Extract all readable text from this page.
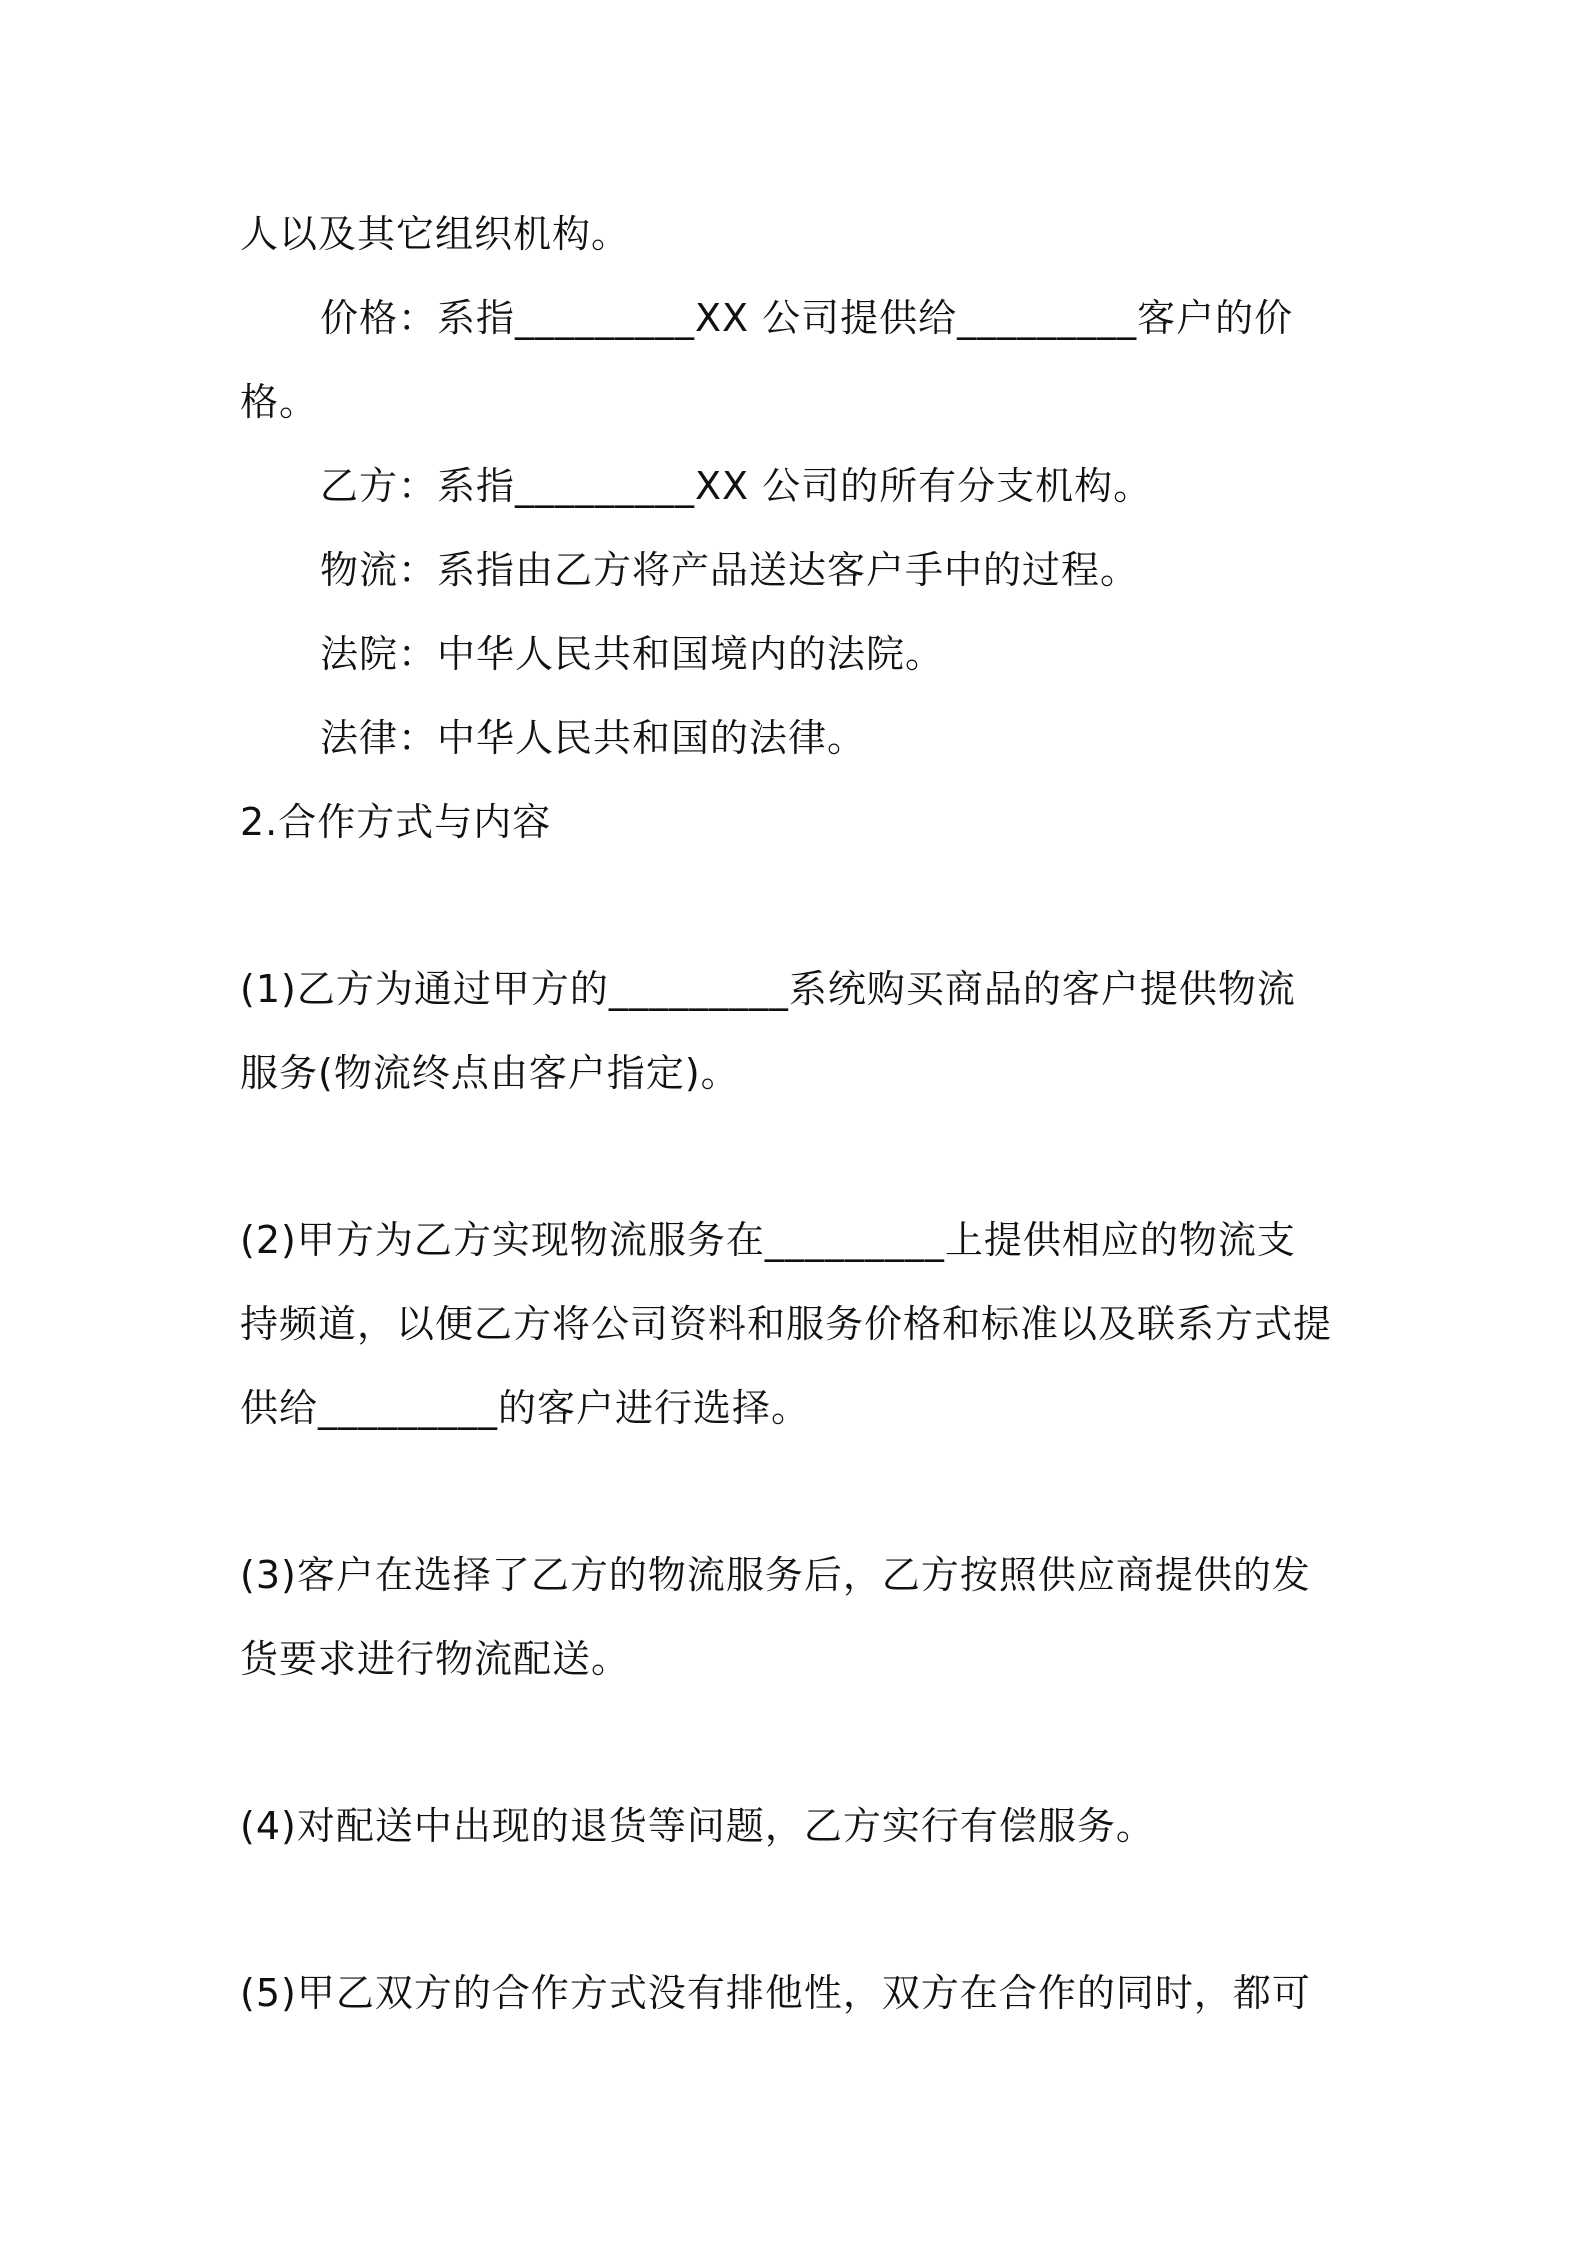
人以及其它组织机构。
价格：系指_________XX 公司提供给_________客户的价
格。
乙方：系指_________XX 公司的所有分支机构。
物流：系指由乙方将产品送达客户手中的过程。
法院：中华人民共和国境内的法院。
法律：中华人民共和国的法律。
2.合作方式与内容
(1)乙方为通过甲方的_________系统购买商品的客户提供物流
服务(物流终点由客户指定)。
(2)甲方为乙方实现物流服务在_________上提供相应的物流支
持频道，以便乙方将公司资料和服务价格和标准以及联系方式提
供给_________的客户进行选择。
(3)客户在选择了乙方的物流服务后，乙方按照供应商提供的发
货要求进行物流配送。
(4)对配送中出现的退货等问题，乙方实行有偿服务。
(5)甲乙双方的合作方式没有排他性，双方在合作的同时，都可
